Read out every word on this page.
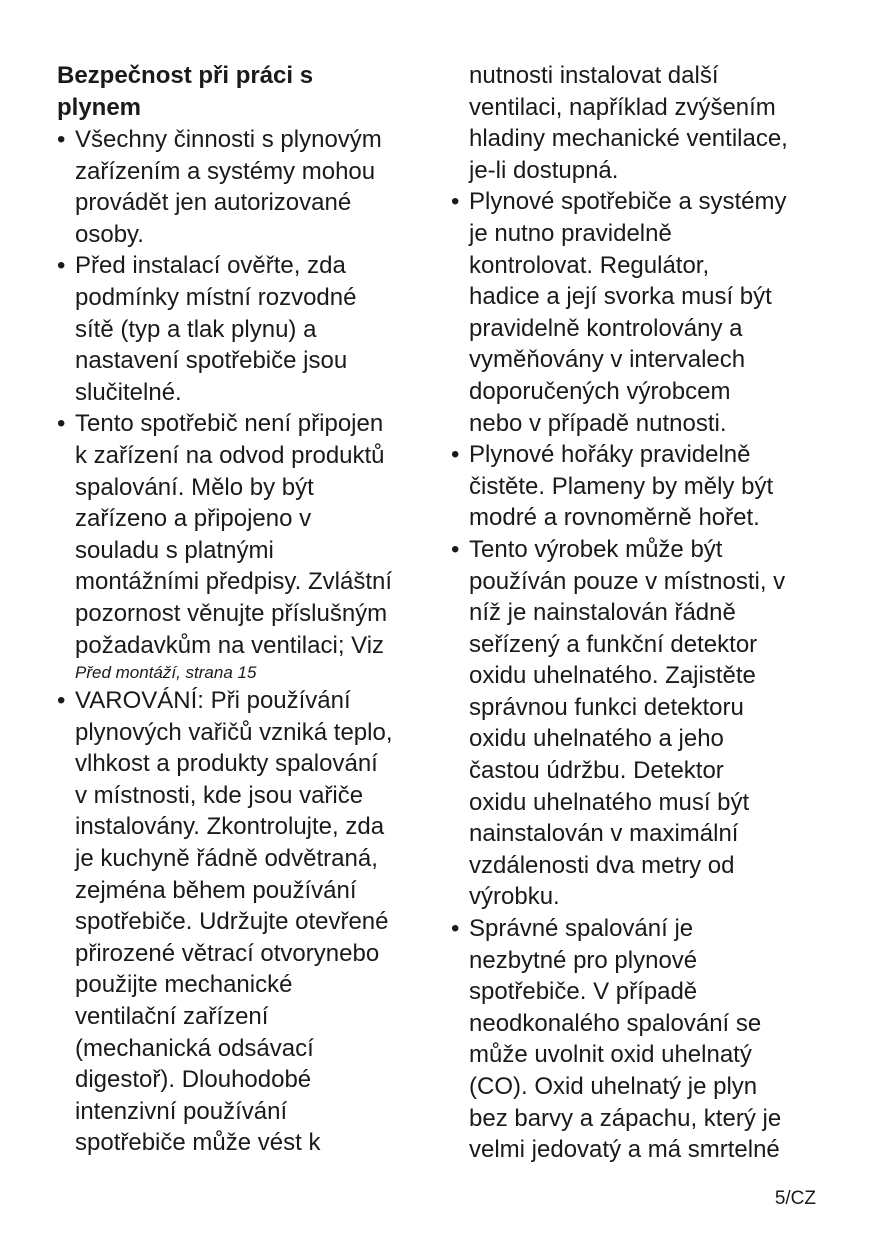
Bezpečnost při práci s
plynem
• Všechny činnosti s plynovým
zařízením a systémy mohou
provádět jen autorizované
osoby.
• Před instalací ověřte, zda
podmínky místní rozvodné
sítě (typ a tlak plynu) a
nastavení spotřebiče jsou
slučitelné.
• Tento spotřebič není připojen
k zařízení na odvod produktů
spalování. Mělo by být
zařízeno a připojeno v
souladu s platnými
montážními předpisy. Zvláštní
pozornost věnujte příslušným
požadavkům na ventilaci; Viz
Před montáží, strana 15
• VAROVÁNÍ: Při používání
plynových vařičů vzniká teplo,
vlhkost a produkty spalování
v místnosti, kde jsou vařiče
instalovány. Zkontrolujte, zda
je kuchyně řádně odvětraná,
zejména během používání
spotřebiče. Udržujte otevřené
přirozené větrací otvorynebo
použijte mechanické
ventilační zařízení
(mechanická odsávací
digestoř). Dlouhodobé
intenzivní používání
spotřebiče může vést k
nutnosti instalovat další
ventilaci, například zvýšením
hladiny mechanické ventilace,
je-li dostupná.
• Plynové spotřebiče a systémy
je nutno pravidelně
kontrolovat. Regulátor,
hadice a její svorka musí být
pravidelně kontrolovány a
vyměňovány v intervalech
doporučených výrobcem
nebo v případě nutnosti.
• Plynové hořáky pravidelně
čistěte. Plameny by měly být
modré a rovnoměrně hořet.
• Tento výrobek může být
používán pouze v místnosti, v
níž je nainstalován řádně
seřízený a funkční detektor
oxidu uhelnatého. Zajistěte
správnou funkci detektoru
oxidu uhelnatého a jeho
častou údržbu. Detektor
oxidu uhelnatého musí být
nainstalován v maximální
vzdálenosti dva metry od
výrobku.
• Správné spalování je
nezbytné pro plynové
spotřebiče. V případě
neodkonalého spalování se
může uvolnit oxid uhelnatý
(CO). Oxid uhelnatý je plyn
bez barvy a zápachu, který je
velmi jedovatý a má smrtelné
5/CZ
